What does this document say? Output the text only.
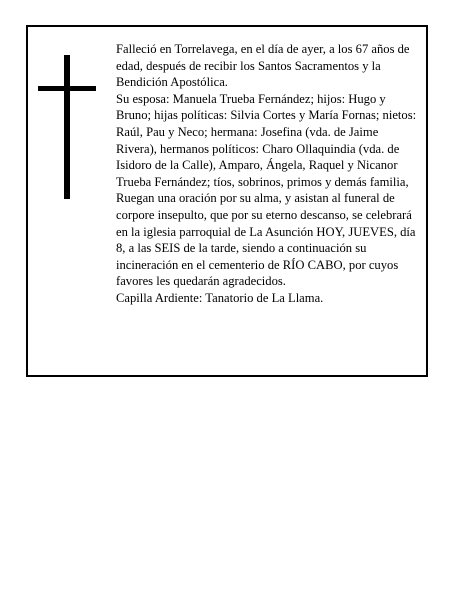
Falleció en Torrelavega, en el día de ayer, a los 67 años de edad, después de recibir los Santos Sacramentos y la Bendición Apostólica.

Su esposa: Manuela Trueba Fernández; hijos: Hugo y Bruno; hijas políticas: Silvia Cortes y María Fornas; nietos: Raúl, Pau y Neco; hermana: Josefina (vda. de Jaime Rivera), hermanos políticos: Charo Ollaquindia (vda. de Isidoro de la Calle), Amparo, Ángela, Raquel y Nicanor Trueba Fernández; tíos, sobrinos, primos y demás familia,

Ruegan una oración por su alma, y asistan al funeral de corpore insepulto, que por su eterno descanso, se celebrará en la iglesia parroquial de La Asunción HOY, JUEVES, día 8, a las SEIS de la tarde, siendo a continuación su incineración en el cementerio de RÍO CABO, por cuyos favores les quedarán agradecidos.

Capilla Ardiente: Tanatorio de La Llama.
